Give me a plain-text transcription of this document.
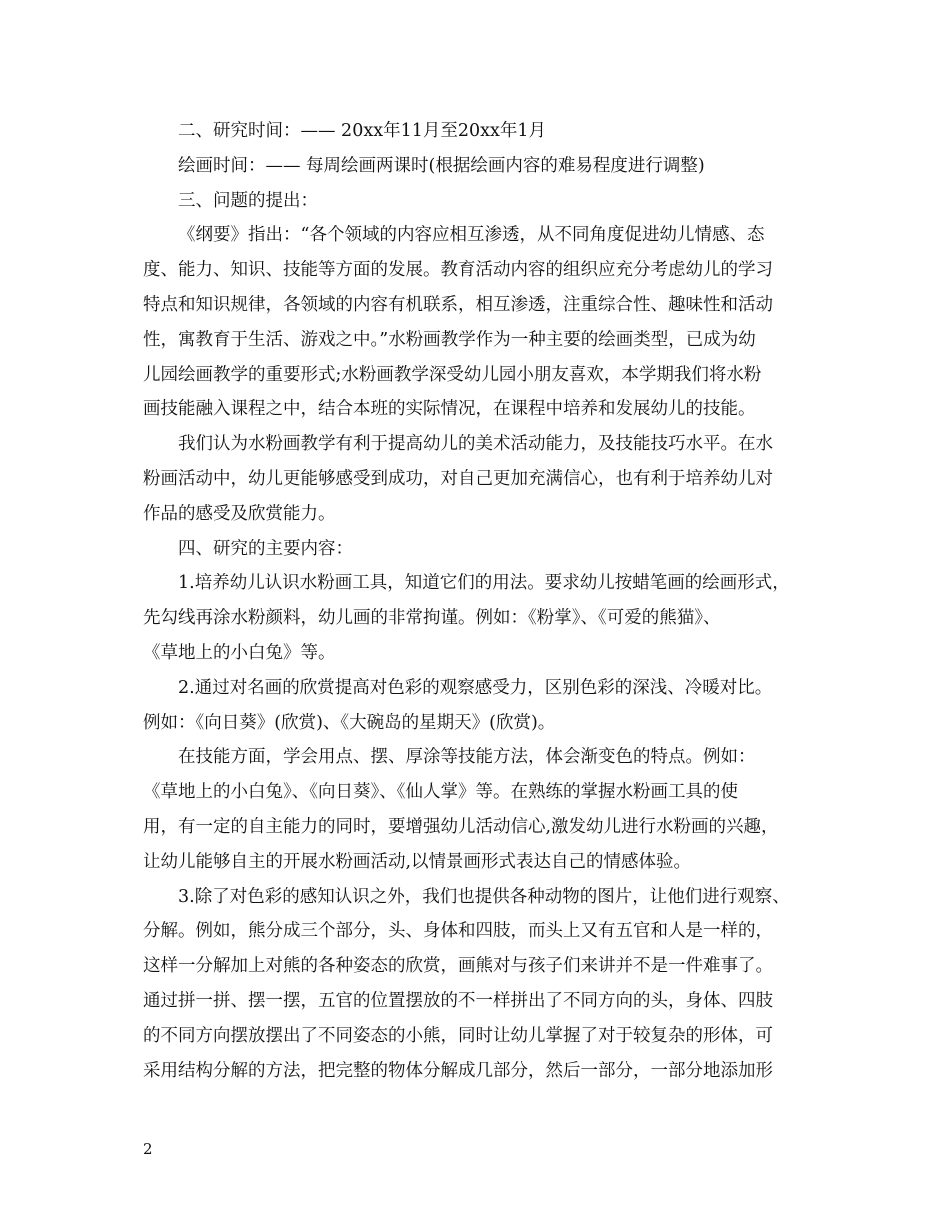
二、研究时间：—— 20xx年11月至20xx年1月
绘画时间：—— 每周绘画两课时(根据绘画内容的难易程度进行调整)
三、问题的提出：
《纲要》指出：“各个领域的内容应相互渗透，从不同角度促进幼儿情感、态
度、能力、知识、技能等方面的发展。教育活动内容的组织应充分考虑幼儿的学习
特点和知识规律，各领域的内容有机联系，相互渗透，注重综合性、趣味性和活动
性，寓教育于生活、游戏之中。”水粉画教学作为一种主要的绘画类型，已成为幼
儿园绘画教学的重要形式;水粉画教学深受幼儿园小朋友喜欢，本学期我们将水粉
画技能融入课程之中，结合本班的实际情况，在课程中培养和发展幼儿的技能。
我们认为水粉画教学有利于提高幼儿的美术活动能力，及技能技巧水平。在水
粉画活动中，幼儿更能够感受到成功，对自己更加充满信心，也有利于培养幼儿对
作品的感受及欣赏能力。
四、研究的主要内容：
1.培养幼儿认识水粉画工具，知道它们的用法。要求幼儿按蜡笔画的绘画形式，
先勾线再涂水粉颜料，幼儿画的非常拘谨。例如：《粉掌》、《可爱的熊猫》、
《草地上的小白兔》等。
2.通过对名画的欣赏提高对色彩的观察感受力，区别色彩的深浅、冷暖对比。
例如：《向日葵》(欣赏)、《大碗岛的星期天》(欣赏)。
在技能方面，学会用点、摆、厚涂等技能方法，体会渐变色的特点。例如：
《草地上的小白兔》、《向日葵》、《仙人掌》等。在熟练的掌握水粉画工具的使
用，有一定的自主能力的同时，要增强幼儿活动信心,激发幼儿进行水粉画的兴趣，
让幼儿能够自主的开展水粉画活动,以情景画形式表达自己的情感体验。
3.除了对色彩的感知认识之外，我们也提供各种动物的图片，让他们进行观察、
分解。例如，熊分成三个部分，头、身体和四肢，而头上又有五官和人是一样的，
这样一分解加上对熊的各种姿态的欣赏，画熊对与孩子们来讲并不是一件难事了。
通过拼一拼、摆一摆，五官的位置摆放的不一样拼出了不同方向的头，身体、四肢
的不同方向摆放摆出了不同姿态的小熊，同时让幼儿掌握了对于较复杂的形体，可
采用结构分解的方法，把完整的物体分解成几部分，然后一部分，一部分地添加形
2
